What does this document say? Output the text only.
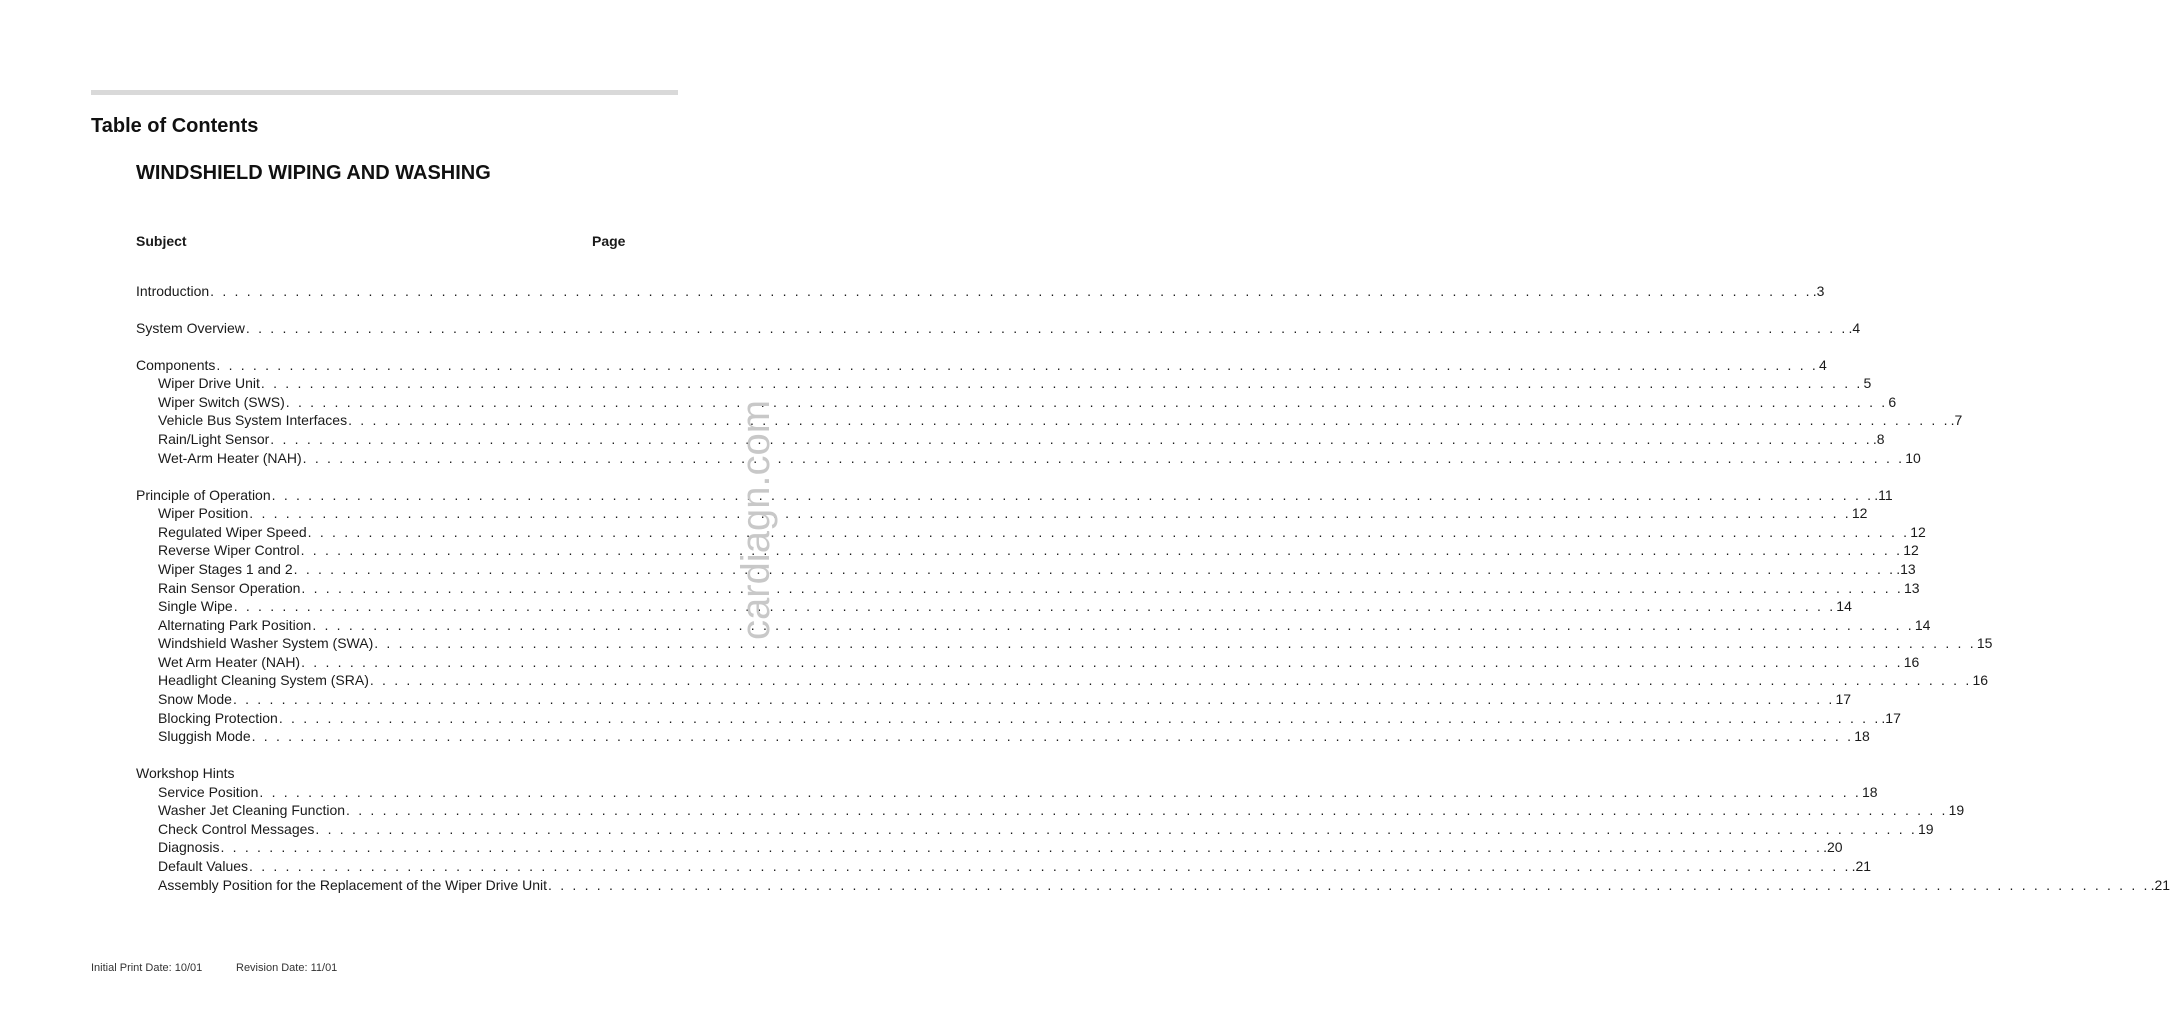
Table of Contents
WINDSHIELD WIPING AND WASHING
Subject	Page
Introduction . . .	.3
System Overview . . .	.4
Components . . .	4
Wiper Drive Unit . . .	5
Wiper Switch (SWS) . . .	6
Vehicle Bus System Interfaces . . .	.7
Rain/Light Sensor . . .	.8
Wet-Arm Heater (NAH) . . .	10
Principle of Operation . . .	.11
Wiper Position . . .	12
Regulated Wiper Speed . . .	12
Reverse Wiper Control . . .	12
Wiper Stages 1 and 2 . . .	.13
Rain Sensor Operation . . .	13
Single Wipe . . .	14
Alternating Park Position . . .	14
Windshield Washer System (SWA) . . .	15
Wet Arm Heater (NAH) . . .	16
Headlight Cleaning System (SRA) . . .	16
Snow Mode . . .	17
Blocking Protection . . .	.17
Sluggish Mode . . .	18
Workshop Hints
Service Position . . .	18
Washer Jet Cleaning Function . . .	19
Check Control Messages . . .	19
Diagnosis . . .	.20
Default Values . . .	.21
Assembly Position for the Replacement of the Wiper Drive Unit . . .	.21
cardiagn.com
Initial Print Date: 10/01	Revision Date: 11/01
